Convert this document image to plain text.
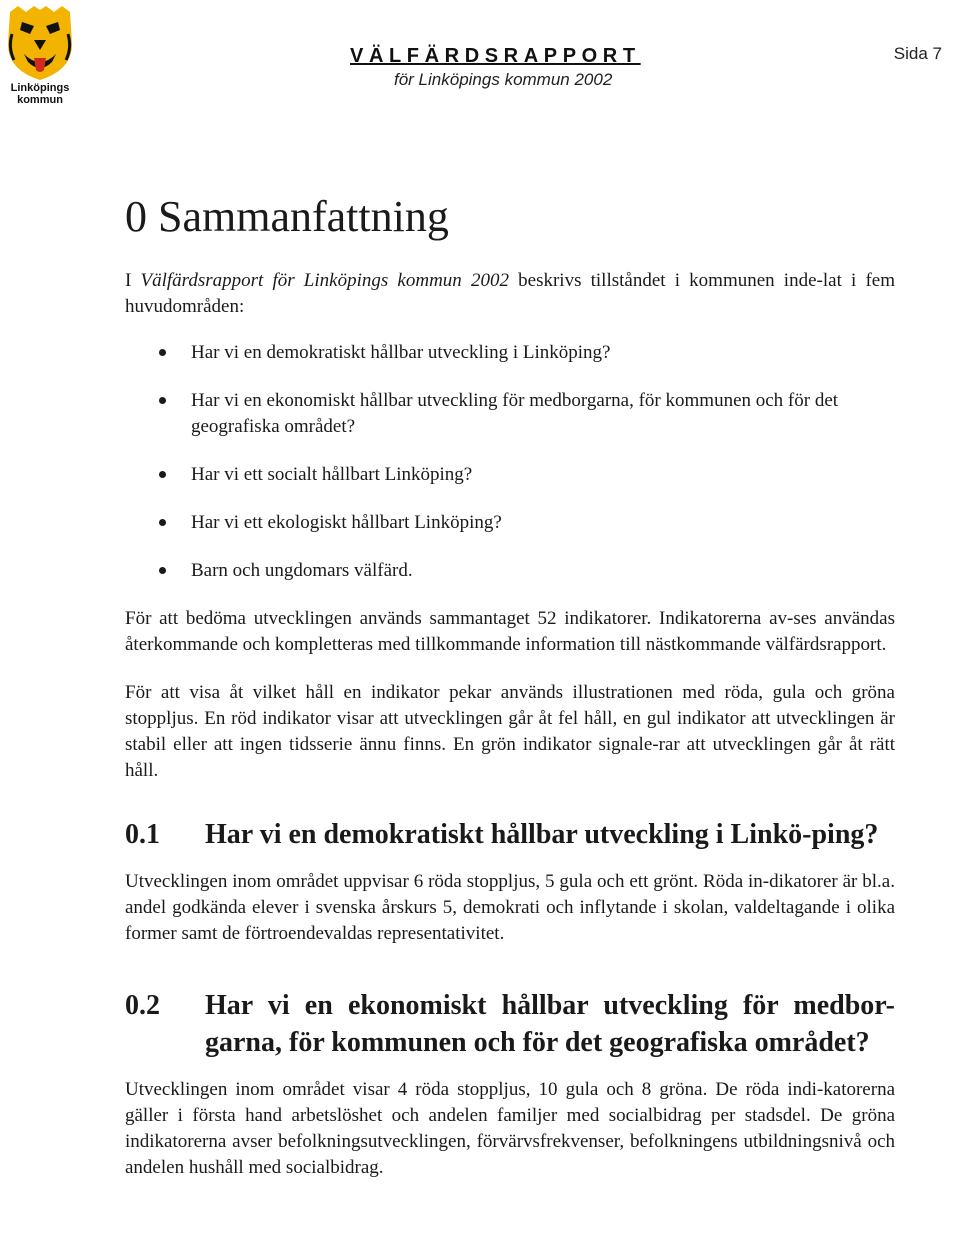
Linköpings
kommun
VÄLFÄRDSRAPPORT
för Linköpings kommun 2002
Sida 7
0 Sammanfattning

I Välfärdsrapport för Linköpings kommun 2002 beskrivs tillståndet i kommunen inde-lat i fem huvudområden:

Har vi en demokratiskt hållbar utveckling i Linköping?
Har vi en ekonomiskt hållbar utveckling för medborgarna, för kommunen och för det geografiska området?
Har vi ett socialt hållbart Linköping?
Har vi ett ekologiskt hållbart Linköping?
Barn och ungdomars välfärd.

För att bedöma utvecklingen används sammantaget 52 indikatorer. Indikatorerna av-ses användas återkommande och kompletteras med tillkommande information till nästkommande välfärdsrapport.

För att visa åt vilket håll en indikator pekar används illustrationen med röda, gula och gröna stoppljus. En röd indikator visar att utvecklingen går åt fel håll, en gul indikator att utvecklingen är stabil eller att ingen tidsserie ännu finns. En grön indikator signale-rar att utvecklingen går åt rätt håll.

0.1	Har vi en demokratiskt hållbar utveckling i Linkö-ping?

Utvecklingen inom området uppvisar 6 röda stoppljus, 5 gula och ett grönt. Röda in-dikatorer är bl.a. andel godkända elever i svenska årskurs 5, demokrati och inflytande i skolan, valdeltagande i olika former samt de förtroendevaldas representativitet.

0.2	Har vi en ekonomiskt hållbar utveckling för medbor-garna, för kommunen och för det geografiska området?

Utvecklingen inom området visar 4 röda stoppljus, 10 gula och 8 gröna. De röda indi-katorerna gäller i första hand arbetslöshet och andelen familjer med socialbidrag per stadsdel. De gröna indikatorerna avser befolkningsutvecklingen, förvärvsfrekvenser, befolkningens utbildningsnivå och andelen hushåll med socialbidrag.
